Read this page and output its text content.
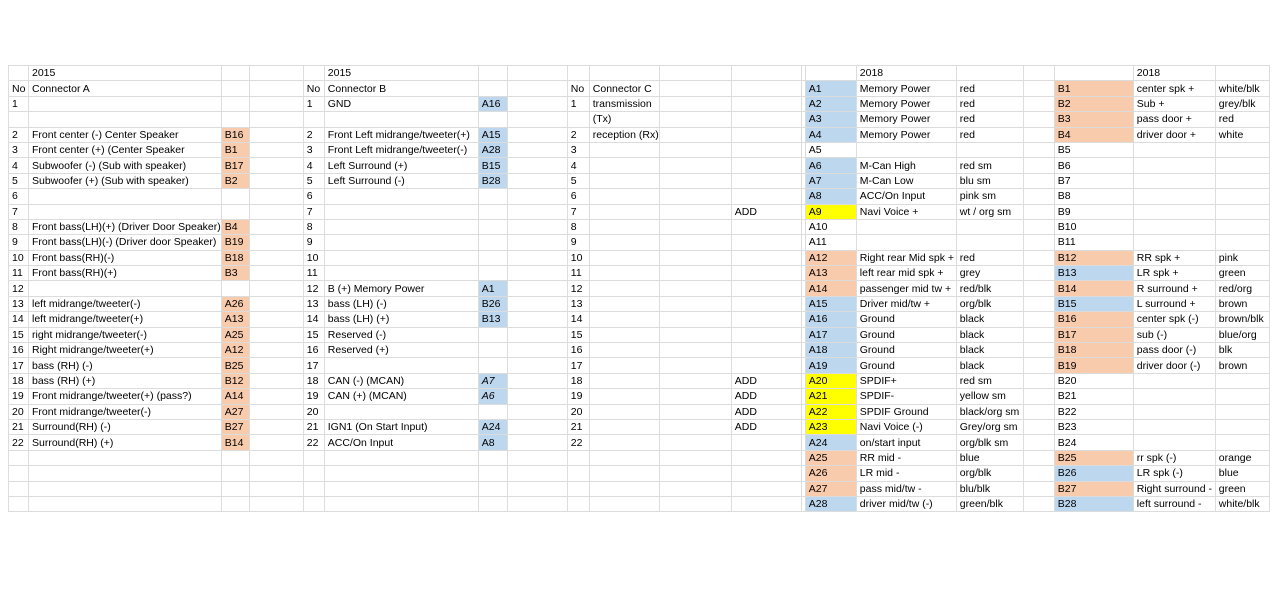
	2015				2015									2018				2018	
No	Connector A			No	Connector B			No	Connector C				A1	Memory Power	red		B1	center spk +	white/blk
1				1	GND	A16		1	transmission				A2	Memory Power	red		B2	Sub +	grey/blk
									(Tx)				A3	Memory Power	red		B3	pass door +	red
2	Front center (-) Center Speaker	B16		2	Front Left midrange/tweeter(+)	A15		2	reception (Rx)				A4	Memory Power	red		B4	driver door +	white
3	Front center (+) (Center Speaker	B1		3	Front Left midrange/tweeter(-)	A28		3					A5				B5		
4	Subwoofer (-) (Sub with speaker)	B17		4	Left Surround (+)	B15		4					A6	M-Can High	red sm		B6		
5	Subwoofer (+) (Sub with speaker)	B2		5	Left Surround (-)	B28		5					A7	M-Can Low	blu sm		B7		
6				6				6					A8	ACC/On Input	pink sm		B8		
7				7				7			ADD		A9	Navi Voice +	wt / org sm		B9		
8	Front bass(LH)(+) (Driver Door Speaker)	B4		8				8					A10				B10		
9	Front bass(LH)(-) (Driver door Speaker)	B19		9				9					A11				B11		
10	Front bass(RH)(-)	B18		10				10					A12	Right rear Mid spk +	red		B12	RR spk +	pink
11	Front bass(RH)(+)	B3		11				11					A13	left rear mid spk +	grey		B13	LR spk +	green
12				12	B (+) Memory Power	A1		12					A14	passenger mid tw +	red/blk		B14	R surround +	red/org
13	left midrange/tweeter(-)	A26		13	bass (LH) (-)	B26		13					A15	Driver mid/tw +	org/blk		B15	L surround +	brown
14	left midrange/tweeter(+)	A13		14	bass (LH) (+)	B13		14					A16	Ground	black		B16	center spk (-)	brown/blk
15	right midrange/tweeter(-)	A25		15	Reserved (-)			15					A17	Ground	black		B17	sub (-)	blue/org
16	Right midrange/tweeter(+)	A12		16	Reserved (+)			16					A18	Ground	black		B18	pass door (-)	blk
17	bass (RH) (-)	B25		17				17					A19	Ground	black		B19	driver door (-)	brown
18	bass (RH) (+)	B12		18	CAN (-) (MCAN)	A7		18			ADD		A20	SPDIF+	red sm		B20		
19	Front midrange/tweeter(+) (pass?)	A14		19	CAN (+) (MCAN)	A6		19			ADD		A21	SPDIF-	yellow sm		B21		
20	Front midrange/tweeter(-)	A27		20				20			ADD		A22	SPDIF Ground	black/org sm		B22		
21	Surround(RH) (-)	B27		21	IGN1 (On Start Input)	A24		21			ADD		A23	Navi Voice (-)	Grey/org sm		B23		
22	Surround(RH) (+)	B14		22	ACC/On Input	A8		22					A24	on/start input	org/blk sm		B24		
													A25	RR mid -	blue		B25	rr spk (-)	orange
													A26	LR mid -	org/blk		B26	LR spk (-)	blue
													A27	pass mid/tw -	blu/blk		B27	Right surround -	green
													A28	driver mid/tw (-)	green/blk		B28	left surround -	white/blk
